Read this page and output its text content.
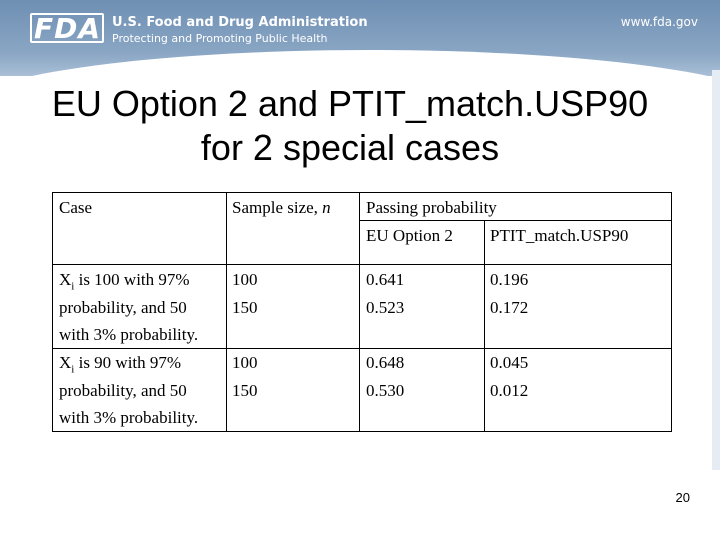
FDA U.S. Food and Drug Administration
Protecting and Promoting Public Health
www.fda.gov
EU Option 2 and PTIT_match.USP90
for 2 special cases
Case	Sample size, n Passing probability
EU Option 2 PTIT_match.USP90
$X_i$ is 100 with 97%
probability, and 50
with 3% probability.
100
150
0.641
0.523
0.196
0.172
$X_i$ is 90 with 97%
probability, and 50
with 3% probability.
100
150
0.648
0.530
0.045
0.012
20
